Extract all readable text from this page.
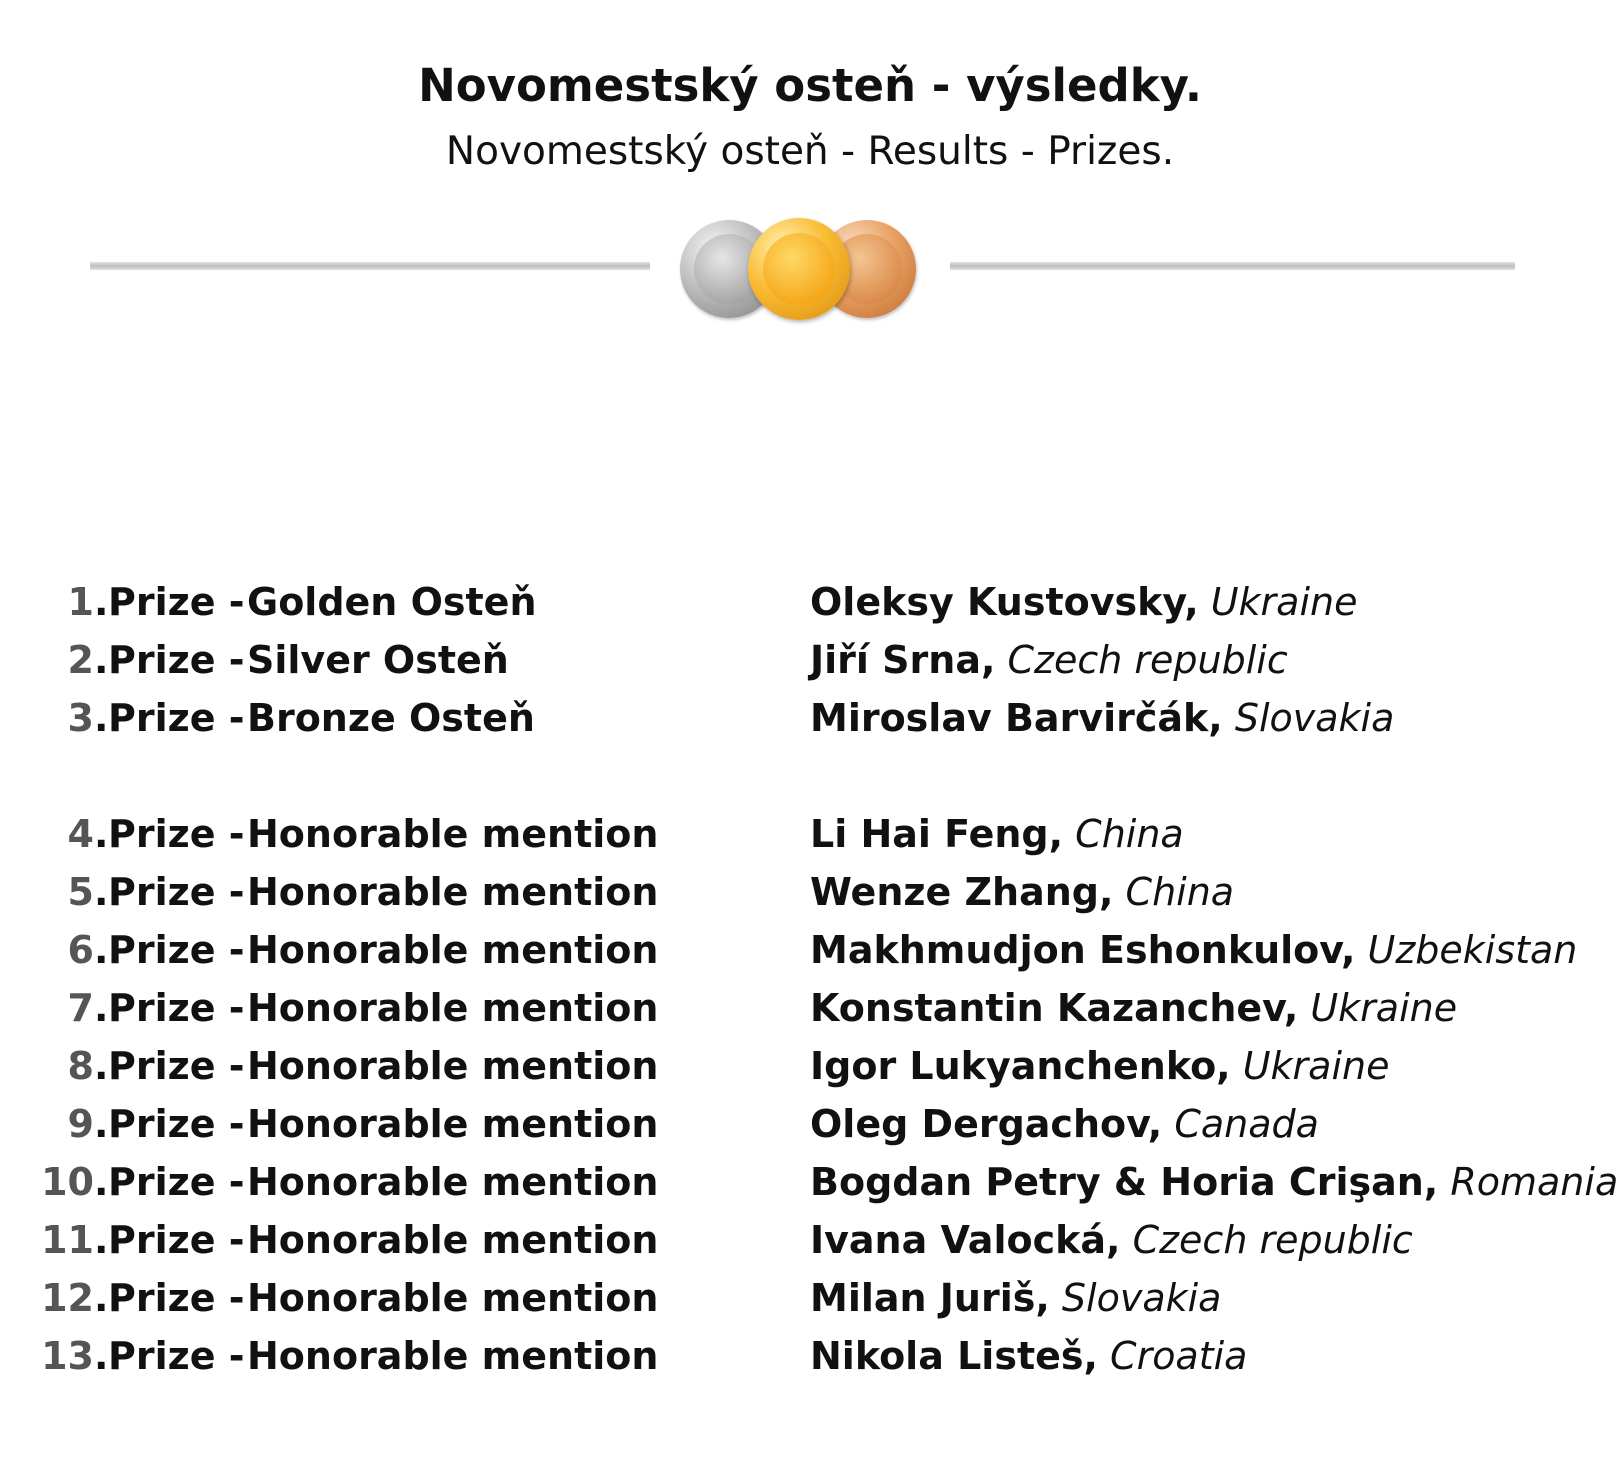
Novomestský osteň - výsledky.
Novomestský osteň - Results - Prizes.
1 . Prize - Golden Osteň	Oleksy Kustovsky, Ukraine
2 . Prize - Silver Osteň	Jiří Srna, Czech republic
3 . Prize - Bronze Osteň	Miroslav Barvirčák, Slovakia
4 . Prize - Honorable mention	Li Hai Feng, China
5 . Prize - Honorable mention	Wenze Zhang, China
6 . Prize - Honorable mention	Makhmudjon Eshonkulov, Uzbekistan
7 . Prize - Honorable mention	Konstantin Kazanchev, Ukraine
8 . Prize - Honorable mention	Igor Lukyanchenko, Ukraine
9 . Prize - Honorable mention	Oleg Dergachov, Canada
10 . Prize - Honorable mention	Bogdan Petry & Horia Crişan, Romania
11 . Prize - Honorable mention	Ivana Valocká, Czech republic
12 . Prize - Honorable mention	Milan Juriš, Slovakia
13 . Prize - Honorable mention	Nikola Listeš, Croatia
